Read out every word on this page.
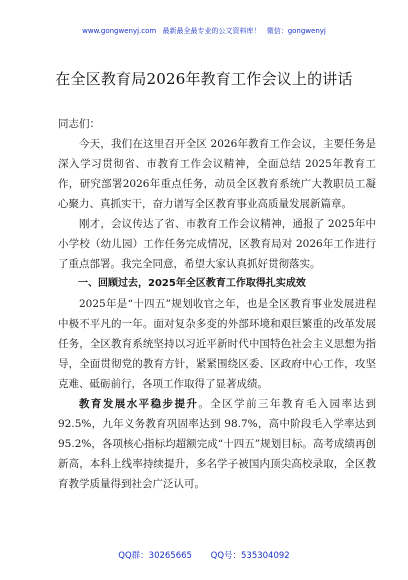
www.gongwenyj.com 最新最全最专业的公文资料库！ 微信：gongwenyj
在全区教育局2026年教育工作会议上的讲话

同志们：

今天，我们在这里召开全区 2026年教育工作会议，主要任务是深入学习贯彻省、市教育工作会议精神，全面总结 2025年教育工作，研究部署2026年重点任务，动员全区教育系统广大教职员工凝心聚力、真抓实干，奋力谱写全区教育事业高质量发展新篇章。

刚才，会议传达了省、市教育工作会议精神，通报了 2025年中小学校（幼儿园）工作任务完成情况，区教育局对 2026年工作进行了重点部署。我完全同意，希望大家认真抓好贯彻落实。

一、回顾过去，2025年全区教育工作取得扎实成效

2025年是“十四五”规划收官之年，也是全区教育事业发展进程中极不平凡的一年。面对复杂多变的外部环境和艰巨繁重的改革发展任务，全区教育系统坚持以习近平新时代中国特色社会主义思想为指导，全面贯彻党的教育方针，紧紧围绕区委、区政府中心工作，攻坚克难、砥砺前行，各项工作取得了显著成绩。

教育发展水平稳步提升。全区学前三年教育毛入园率达到92.5%，九年义务教育巩固率达到 98.7%，高中阶段毛入学率达到95.2%，各项核心指标均超额完成“十四五”规划目标。高考成绩再创新高，本科上线率持续提升，多名学子被国内顶尖高校录取，全区教育教学质量得到社会广泛认可。

QQ群：30265665 QQ号：535304092
